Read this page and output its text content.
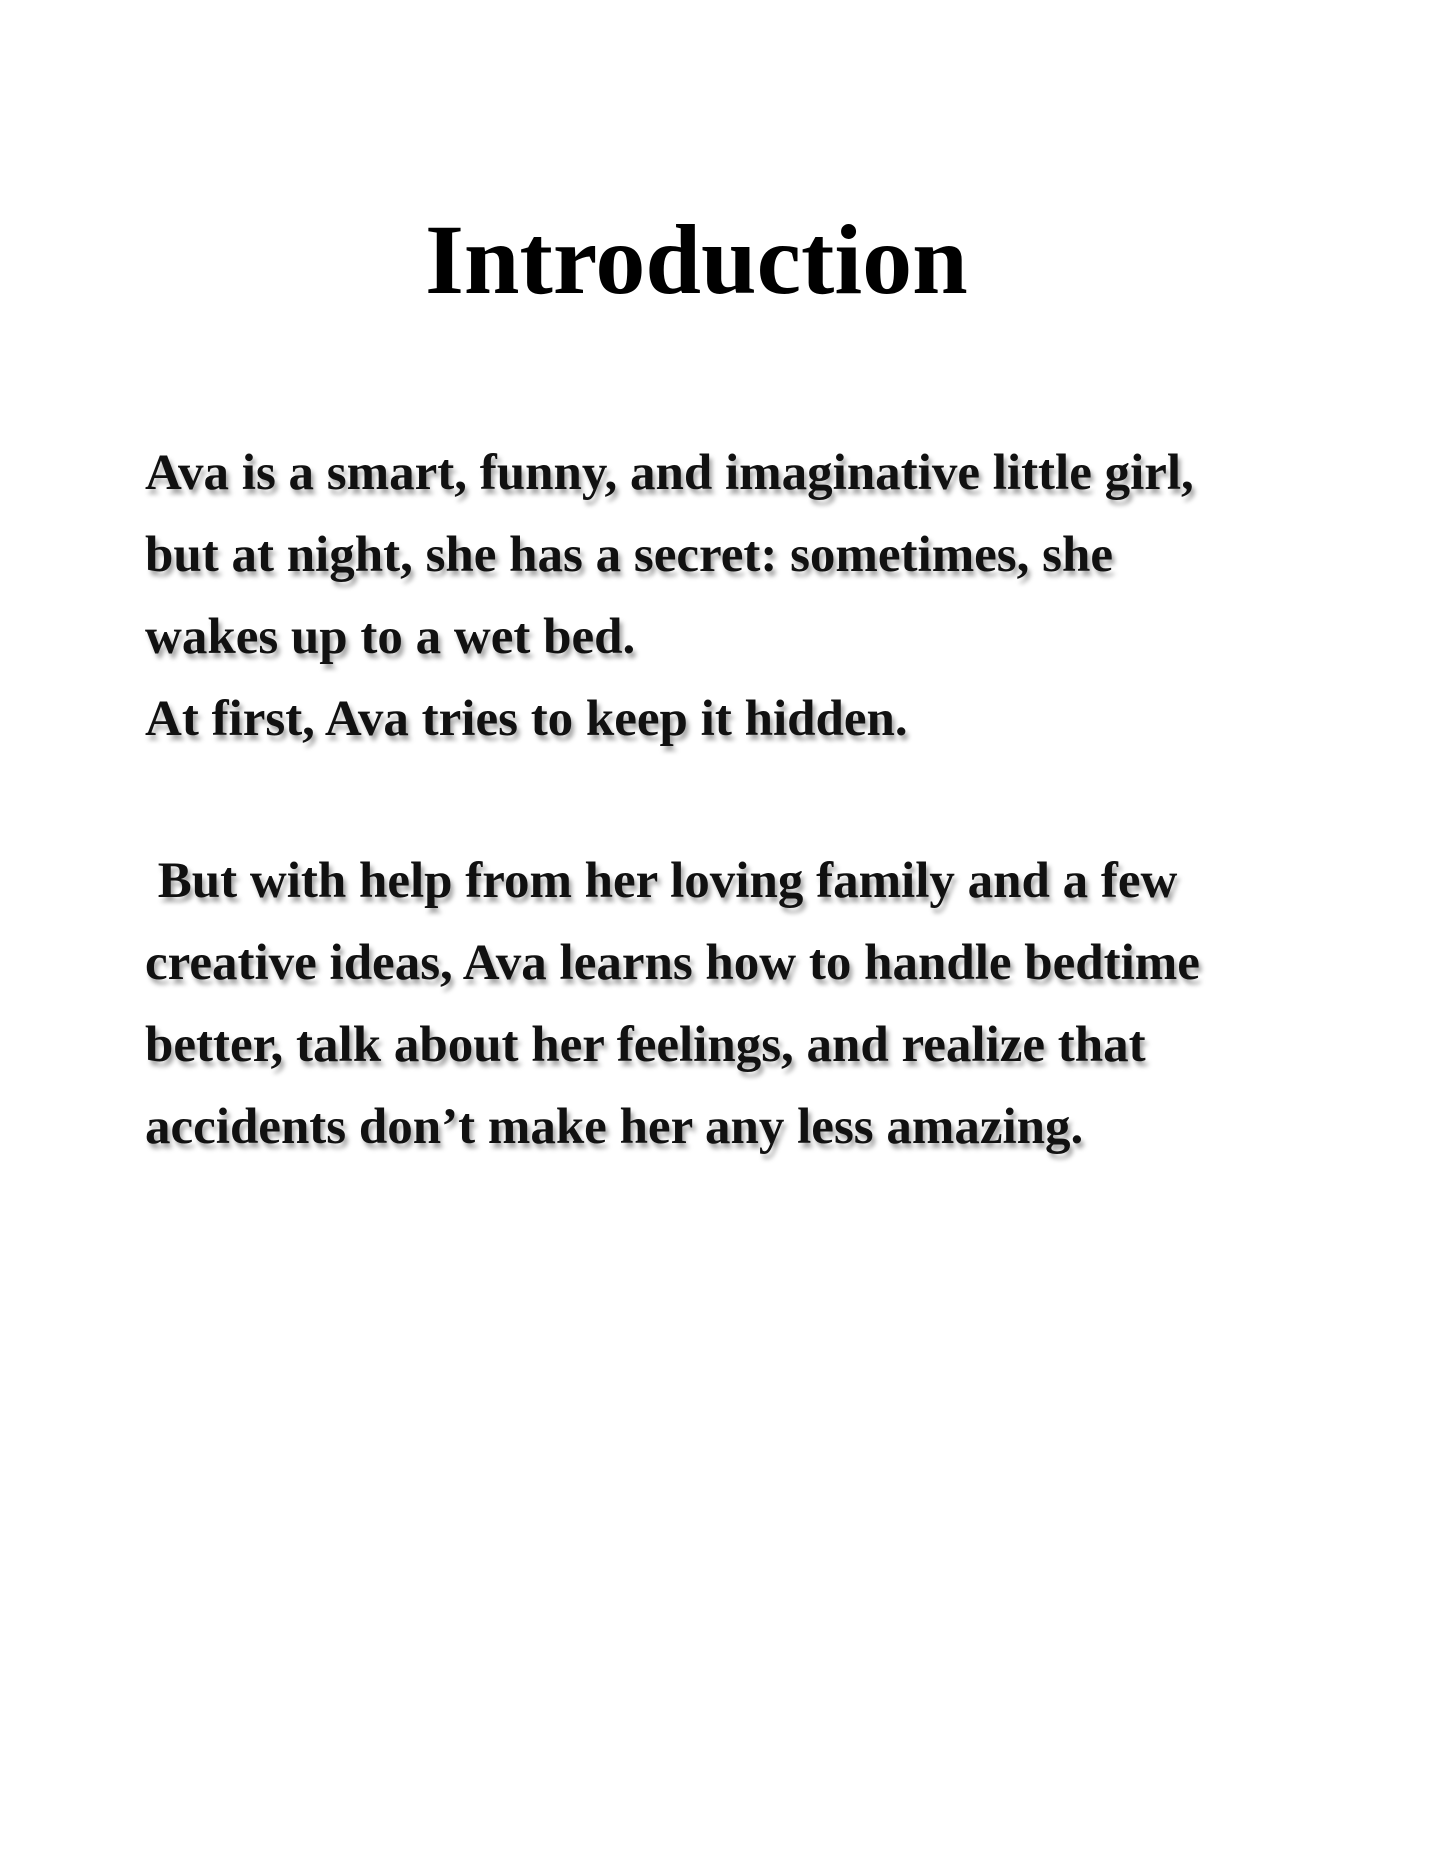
Introduction
Ava is a smart, funny, and imaginative little girl,
but at night, she has a secret: sometimes, she
wakes up to a wet bed.
At first, Ava tries to keep it hidden.
But with help from her loving family and a few
creative ideas, Ava learns how to handle bedtime
better, talk about her feelings, and realize that
accidents don’t make her any less amazing.
